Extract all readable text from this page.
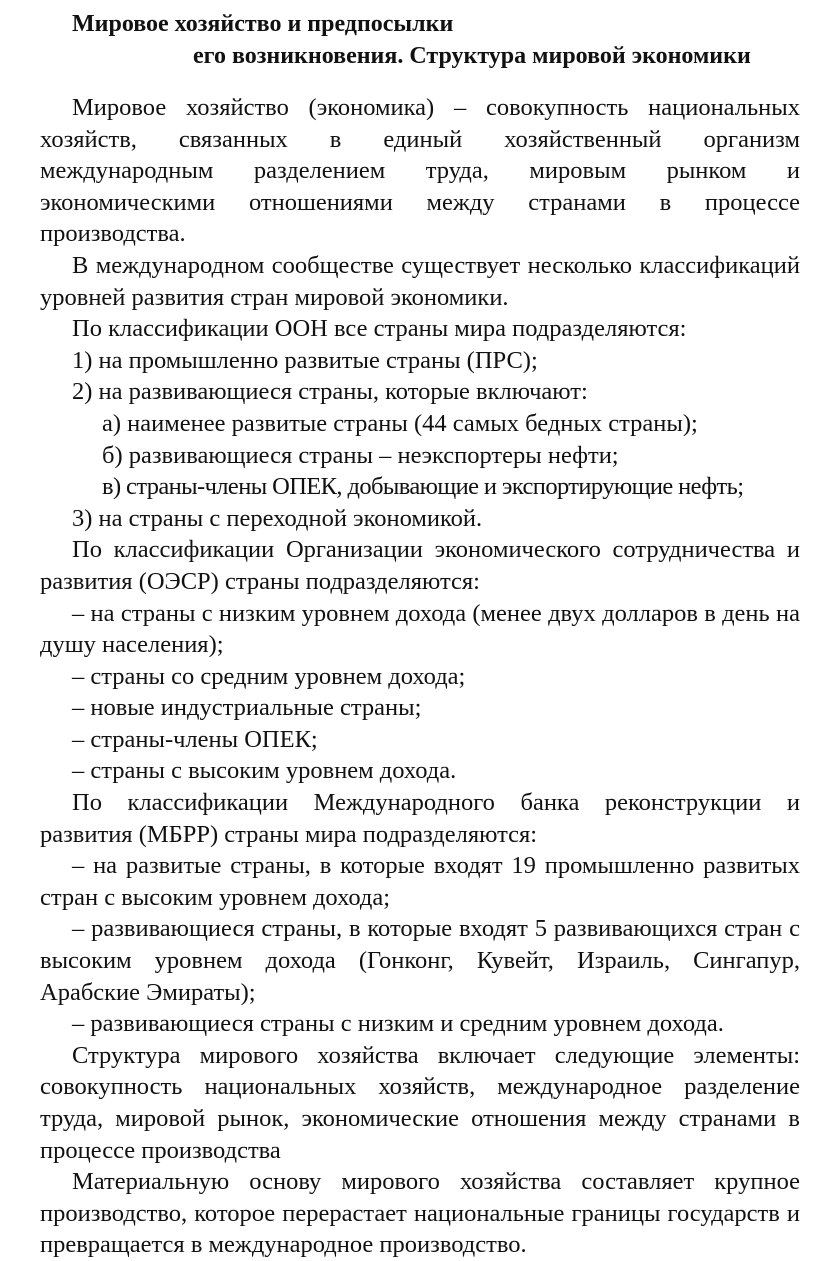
Мировое хозяйство и предпосылки
его возникновения. Структура мировой экономики

Мировое хозяйство (экономика) – совокупность национальных хозяйств, связанных в единый хозяйственный организм международным разделением труда, мировым рынком и экономическими отношениями между странами в процессе производства.

В международном сообществе существует несколько классификаций уровней развития стран мировой экономики.

По классификации ООН все страны мира подразделяются:

1) на промышленно развитые страны (ПРС);

2) на развивающиеся страны, которые включают:

а) наименее развитые страны (44 самых бедных страны);

б) развивающиеся страны – неэкспортеры нефти;

в) страны-члены ОПЕК, добывающие и экспортирующие нефть;

3) на страны с переходной экономикой.

По классификации Организации экономического сотрудничества и развития (ОЭСР) страны подразделяются:

– на страны с низким уровнем дохода (менее двух долларов в день на душу населения);

– страны со средним уровнем дохода;

– новые индустриальные страны;

– страны-члены ОПЕК;

– страны с высоким уровнем дохода.

По классификации Международного банка реконструкции и развития (МБРР) страны мира подразделяются:

– на развитые страны, в которые входят 19 промышленно развитых стран с высоким уровнем дохода;

– развивающиеся страны, в которые входят 5 развивающихся стран с высоким уровнем дохода (Гонконг, Кувейт, Израиль, Сингапур, Арабские Эмираты);

– развивающиеся страны с низким и средним уровнем дохода.

Структура мирового хозяйства включает следующие элементы: совокупность национальных хозяйств, международное разделение труда, мировой рынок, экономические отношения между странами в процессе производства

Материальную основу мирового хозяйства составляет крупное производство, которое перерастает национальные границы государств и превращается в международное производство.
